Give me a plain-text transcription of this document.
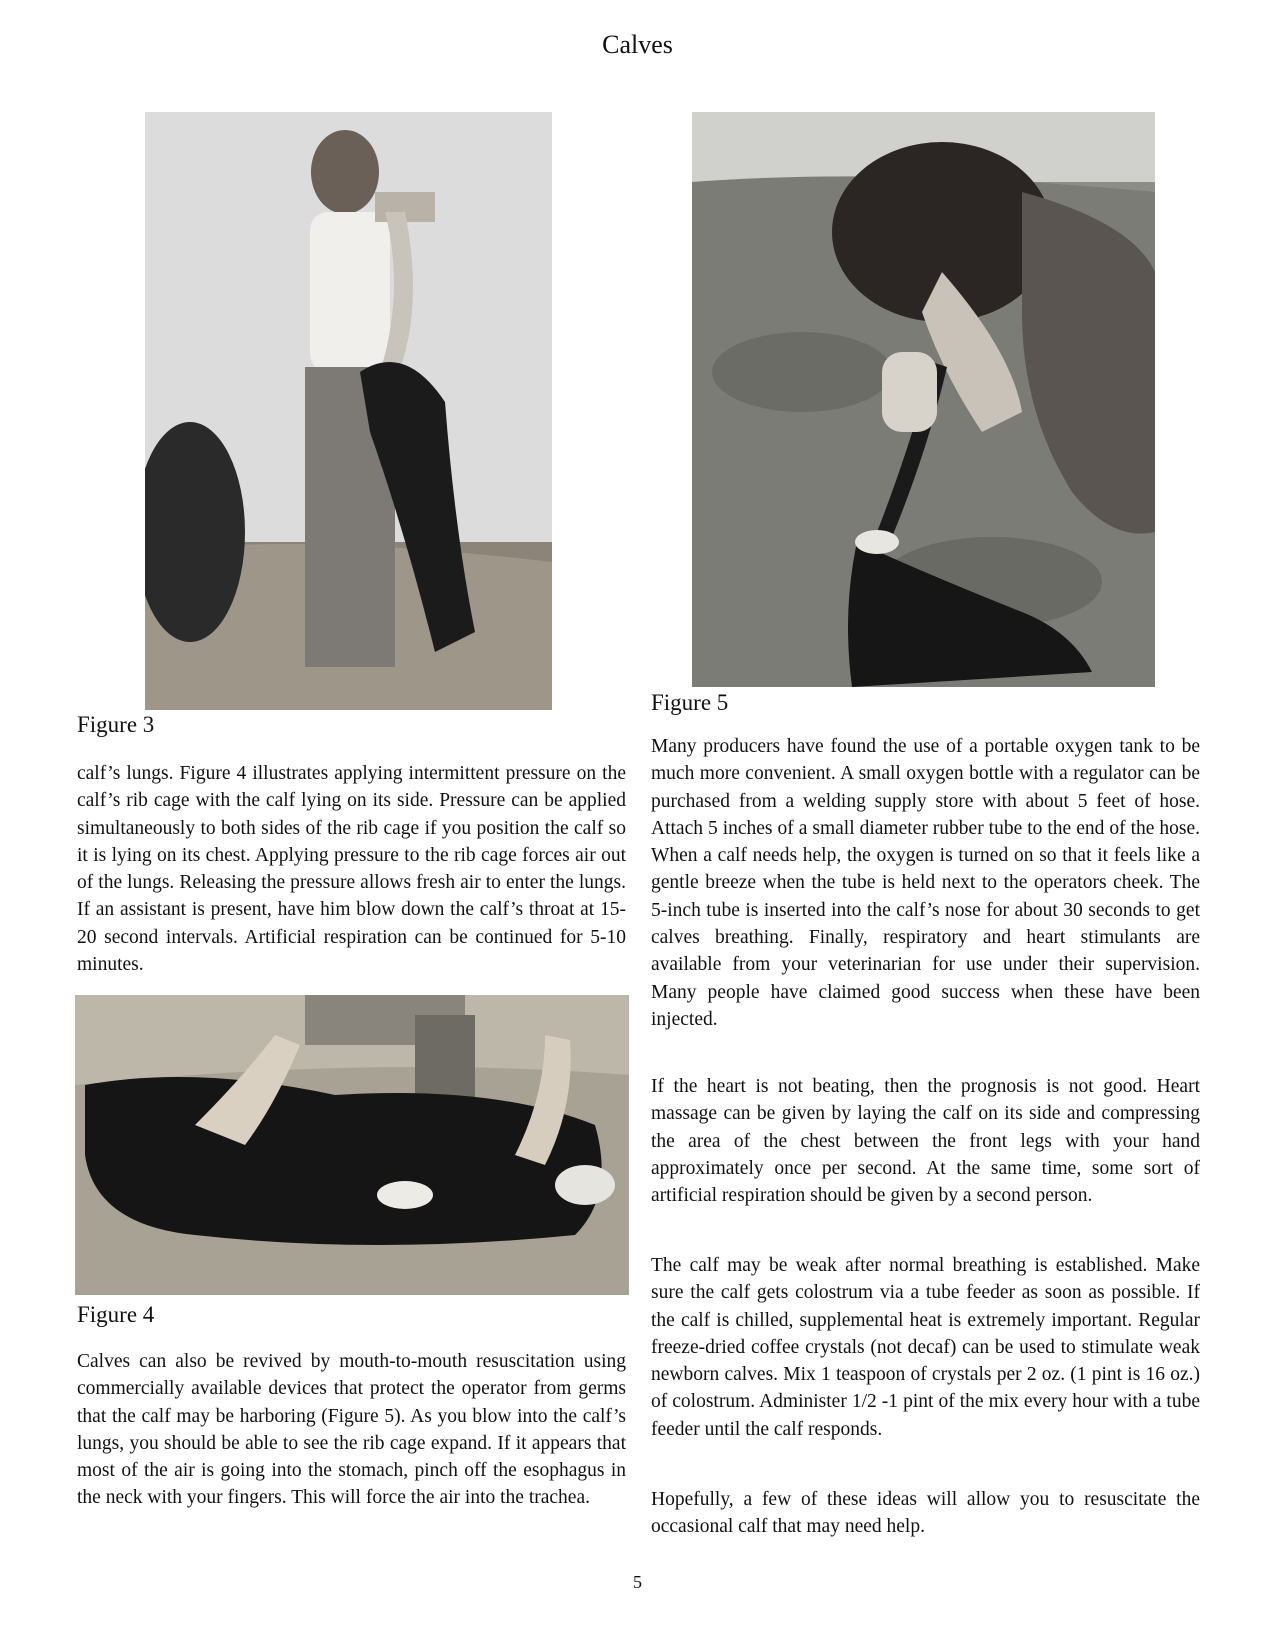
Calves
Figure 3
Figure 5
calf’s lungs. Figure 4 illustrates applying intermittent pressure on the calf’s rib cage with the calf lying on its side. Pressure can be applied simultaneously to both sides of the rib cage if you position the calf so it is lying on its chest. Applying pressure to the rib cage forces air out of the lungs. Releasing the pressure allows fresh air to enter the lungs. If an assistant is present, have him blow down the calf’s throat at 15-20 second intervals. Artificial respiration can be continued for 5-10 minutes.
Figure 4
Calves can also be revived by mouth-to-mouth resuscitation using commercially available devices that protect the operator from germs that the calf may be harboring (Figure 5). As you blow into the calf’s lungs, you should be able to see the rib cage expand. If it appears that most of the air is going into the stomach, pinch off the esophagus in the neck with your fingers. This will force the air into the trachea.
Many producers have found the use of a portable oxygen tank to be much more convenient. A small oxygen bottle with a regulator can be purchased from a welding supply store with about 5 feet of hose. Attach 5 inches of a small diameter rubber tube to the end of the hose. When a calf needs help, the oxygen is turned on so that it feels like a gentle breeze when the tube is held next to the operators cheek. The 5-inch tube is inserted into the calf’s nose for about 30 seconds to get calves breathing. Finally, respiratory and heart stimulants are available from your veterinarian for use under their supervision. Many people have claimed good success when these have been injected.
If the heart is not beating, then the prognosis is not good. Heart massage can be given by laying the calf on its side and compressing the area of the chest between the front legs with your hand approximately once per second. At the same time, some sort of artificial respiration should be given by a second person.
The calf may be weak after normal breathing is established. Make sure the calf gets colostrum via a tube feeder as soon as possible. If the calf is chilled, supplemental heat is extremely important. Regular freeze-dried coffee crystals (not decaf) can be used to stimulate weak newborn calves. Mix 1 teaspoon of crystals per 2 oz. (1 pint is 16 oz.) of colostrum. Administer 1/2 -1 pint of the mix every hour with a tube feeder until the calf responds.
Hopefully, a few of these ideas will allow you to resuscitate the occasional calf that may need help.
5
